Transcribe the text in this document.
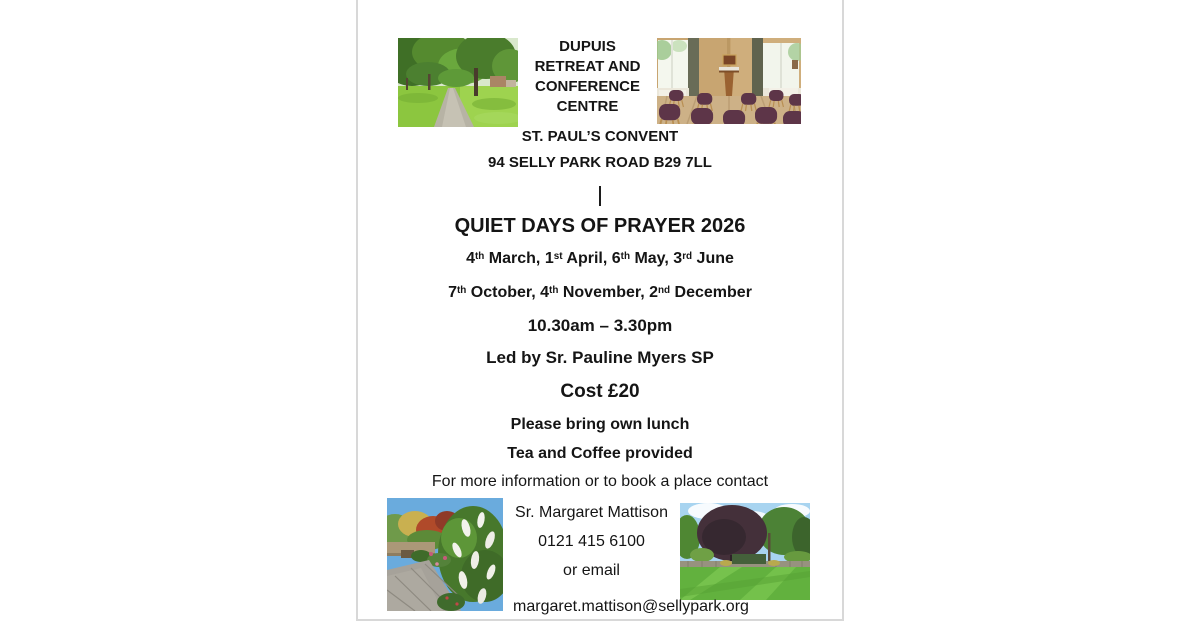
DUPUIS
RETREAT AND
CONFERENCE
CENTRE
ST. PAUL’S CONVENT
94 SELLY PARK ROAD B29 7LL
QUIET DAYS OF PRAYER 2026
4th March, 1st April, 6th May, 3rd June
7th October, 4th November, 2nd December
10.30am – 3.30pm
Led by Sr. Pauline Myers SP
Cost £20
Please bring own lunch
Tea and Coffee provided
For more information or to book a place contact
Sr. Margaret Mattison
0121 415 6100
or email
margaret.mattison@sellypark.org
